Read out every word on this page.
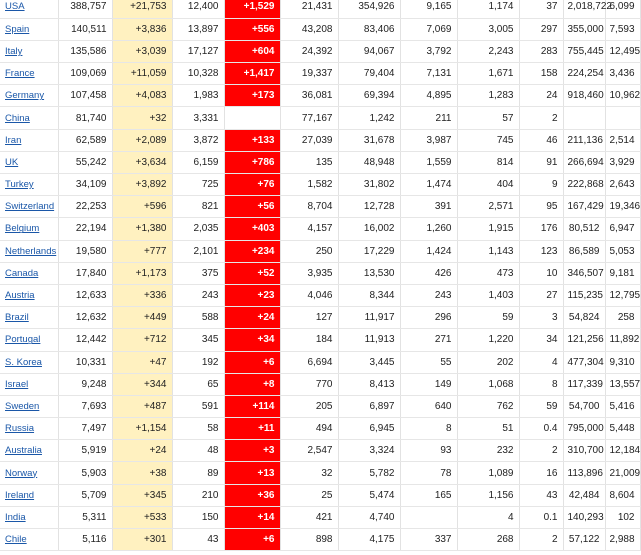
USA	388,757	+21,753	12,400	+1,529	21,431	354,926	9,165	1,174	37	2,018,722	6,099
Spain	140,511	+3,836	13,897	+556	43,208	83,406	7,069	3,005	297	355,000	7,593
Italy	135,586	+3,039	17,127	+604	24,392	94,067	3,792	2,243	283	755,445	12,495
France	109,069	+11,059	10,328	+1,417	19,337	79,404	7,131	1,671	158	224,254	3,436
Germany	107,458	+4,083	1,983	+173	36,081	69,394	4,895	1,283	24	918,460	10,962
China	81,740	+32	3,331		77,167	1,242	211	57	2		
Iran	62,589	+2,089	3,872	+133	27,039	31,678	3,987	745	46	211,136	2,514
UK	55,242	+3,634	6,159	+786	135	48,948	1,559	814	91	266,694	3,929
Turkey	34,109	+3,892	725	+76	1,582	31,802	1,474	404	9	222,868	2,643
Switzerland	22,253	+596	821	+56	8,704	12,728	391	2,571	95	167,429	19,346
Belgium	22,194	+1,380	2,035	+403	4,157	16,002	1,260	1,915	176	80,512	6,947
Netherlands	19,580	+777	2,101	+234	250	17,229	1,424	1,143	123	86,589	5,053
Canada	17,840	+1,173	375	+52	3,935	13,530	426	473	10	346,507	9,181
Austria	12,633	+336	243	+23	4,046	8,344	243	1,403	27	115,235	12,795
Brazil	12,632	+449	588	+24	127	11,917	296	59	3	54,824	258
Portugal	12,442	+712	345	+34	184	11,913	271	1,220	34	121,256	11,892
S. Korea	10,331	+47	192	+6	6,694	3,445	55	202	4	477,304	9,310
Israel	9,248	+344	65	+8	770	8,413	149	1,068	8	117,339	13,557
Sweden	7,693	+487	591	+114	205	6,897	640	762	59	54,700	5,416
Russia	7,497	+1,154	58	+11	494	6,945	8	51	0.4	795,000	5,448
Australia	5,919	+24	48	+3	2,547	3,324	93	232	2	310,700	12,184
Norway	5,903	+38	89	+13	32	5,782	78	1,089	16	113,896	21,009
Ireland	5,709	+345	210	+36	25	5,474	165	1,156	43	42,484	8,604
India	5,311	+533	150	+14	421	4,740		4	0.1	140,293	102
Chile	5,116	+301	43	+6	898	4,175	337	268	2	57,122	2,988
